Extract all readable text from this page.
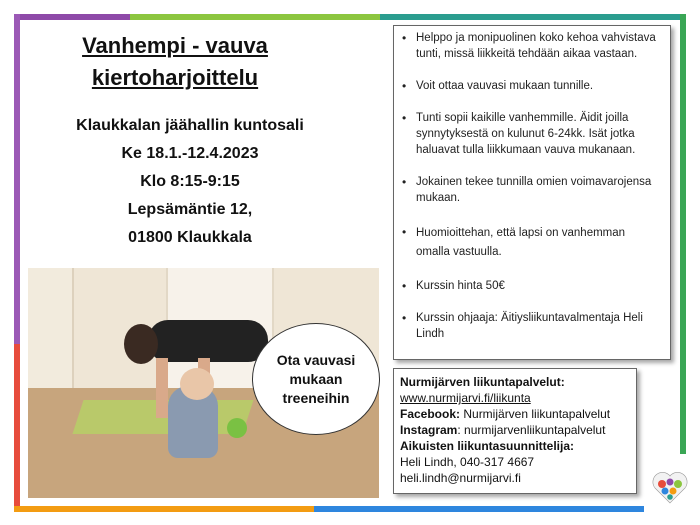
Vanhempi - vauva
kiertoharjoittelu
Klaukkalan jäähallin kuntosali
Ke 18.1.-12.4.2023
Klo 8:15-9:15
Lepsämäntie 12,
01800 Klaukkala
Ota vauvasi
mukaan
treeneihin
• Helppo ja monipuolinen koko kehoa vahvistava tunti, missä liikkeitä tehdään aikaa vastaan.
• Voit ottaa vauvasi mukaan tunnille.
• Tunti sopii kaikille vanhemmille. Äidit joilla synnytyksestä on kulunut 6-24kk. Isät jotka haluavat tulla liikkumaan vauva mukanaan.
• Jokainen tekee tunnilla omien voimavarojensa mukaan.
• Huomioittehan, että lapsi on vanhemman
omalla vastuulla.
• Kurssin hinta 50€
• Kurssin ohjaaja: Äitiysliikuntavalmentaja Heli Lindh
Nurmijärven liikuntapalvelut:
www.nurmijarvi.fi/liikunta
Facebook: Nurmijärven liikuntapalvelut
Instagram: nurmijarvenliikuntapalvelut
Aikuisten liikuntasuunnittelija:
Heli Lindh, 040-317 4667
heli.lindh@nurmijarvi.fi
